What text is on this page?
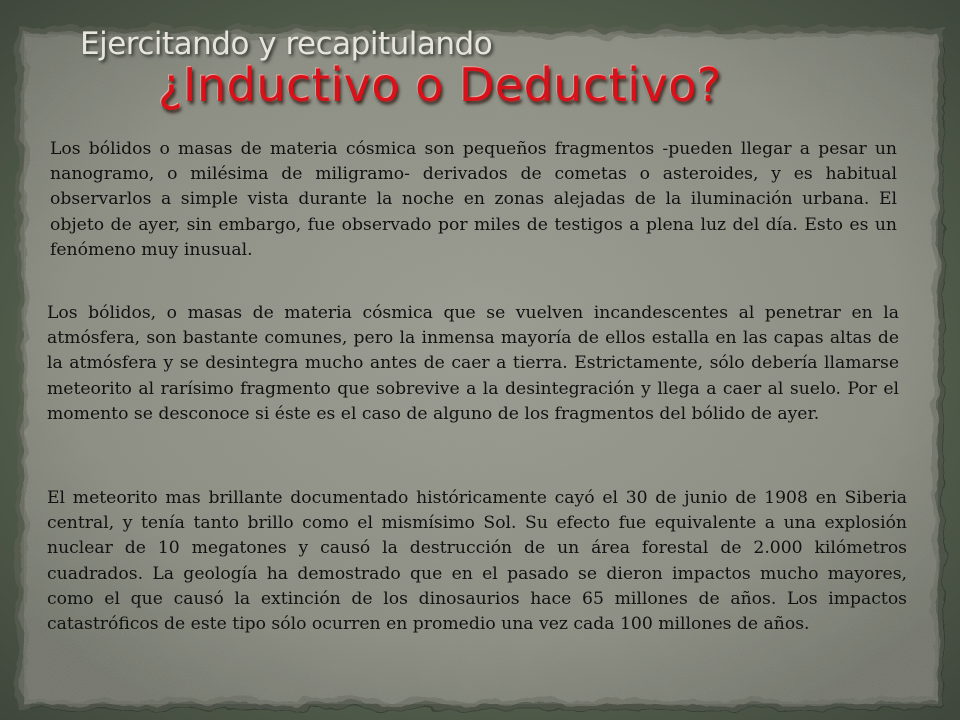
Ejercitando y recapitulando
¿Inductivo o Deductivo?

Los bólidos o masas de materia cósmica son pequeños fragmentos -pueden llegar a pesar un nanogramo, o milésima de miligramo- derivados de cometas o asteroides, y es habitual observarlos a simple vista durante la noche en zonas alejadas de la iluminación urbana. El objeto de ayer, sin embargo, fue observado por miles de testigos a plena luz del día. Esto es un fenómeno muy inusual.

Los bólidos, o masas de materia cósmica que se vuelven incandescentes al penetrar en la atmósfera, son bastante comunes, pero la inmensa mayoría de ellos estalla en las capas altas de la atmósfera y se desintegra mucho antes de caer a tierra. Estrictamente, sólo debería llamarse meteorito al rarísimo fragmento que sobrevive a la desintegración y llega a caer al suelo. Por el momento se desconoce si éste es el caso de alguno de los fragmentos del bólido de ayer.

El meteorito mas brillante documentado históricamente cayó el 30 de junio de 1908 en Siberia central, y tenía tanto brillo como el mismísimo Sol. Su efecto fue equivalente a una explosión nuclear de 10 megatones y causó la destrucción de un área forestal de 2.000 kilómetros cuadrados. La geología ha demostrado que en el pasado se dieron impactos mucho mayores, como el que causó la extinción de los dinosaurios hace 65 millones de años. Los impactos catastróficos de este tipo sólo ocurren en promedio una vez cada 100 millones de años.
